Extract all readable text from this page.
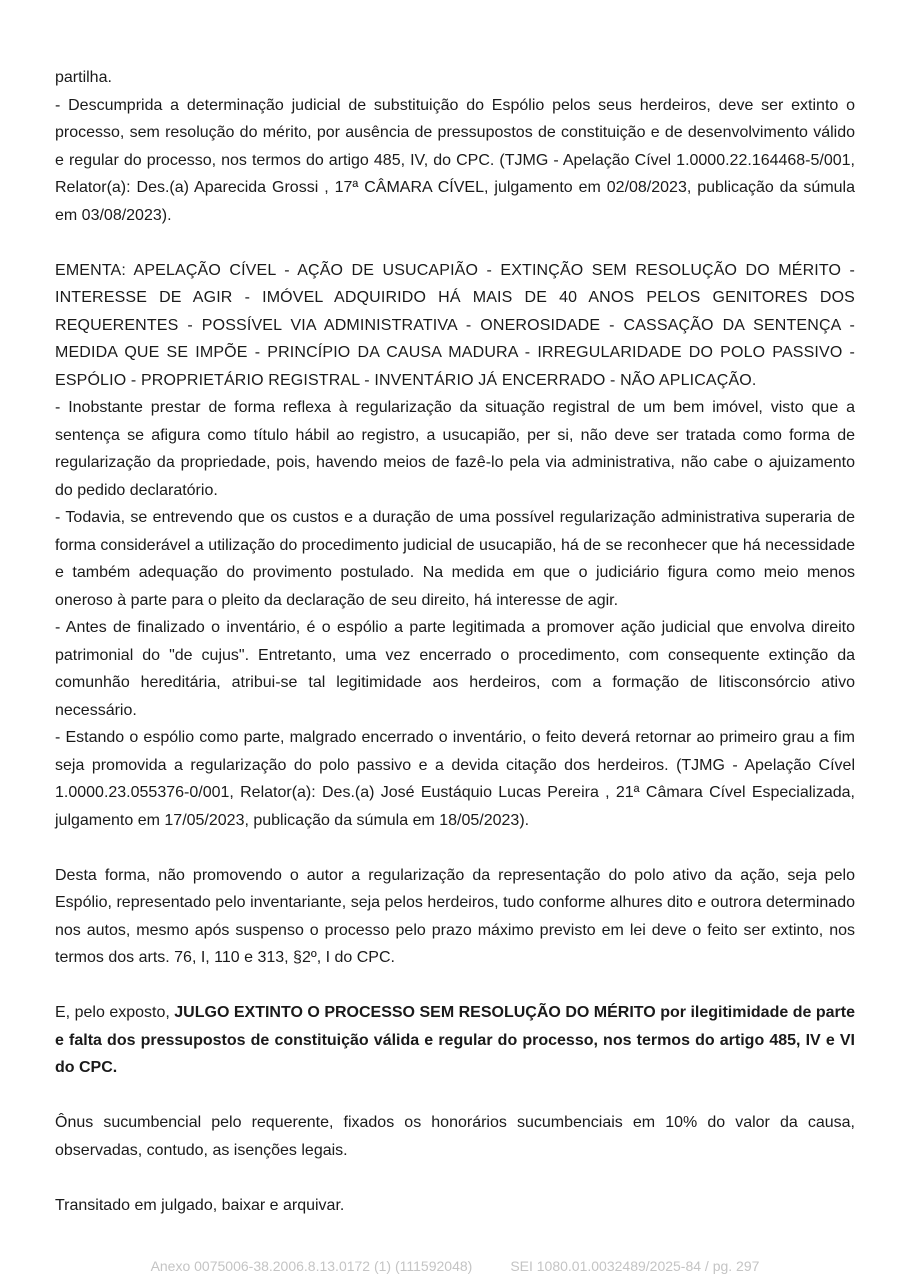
partilha.

- Descumprida a determinação judicial de substituição do Espólio pelos seus herdeiros, deve ser extinto o processo, sem resolução do mérito, por ausência de pressupostos de constituição e de desenvolvimento válido e regular do processo, nos termos do artigo 485, IV, do CPC. (TJMG - Apelação Cível 1.0000.22.164468-5/001, Relator(a): Des.(a) Aparecida Grossi , 17ª CÂMARA CÍVEL, julgamento em 02/08/2023, publicação da súmula em 03/08/2023).

EMENTA: APELAÇÃO CÍVEL - AÇÃO DE USUCAPIÃO - EXTINÇÃO SEM RESOLUÇÃO DO MÉRITO - INTERESSE DE AGIR - IMÓVEL ADQUIRIDO HÁ MAIS DE 40 ANOS PELOS GENITORES DOS REQUERENTES - POSSÍVEL VIA ADMINISTRATIVA - ONEROSIDADE - CASSAÇÃO DA SENTENÇA - MEDIDA QUE SE IMPÕE - PRINCÍPIO DA CAUSA MADURA - IRREGULARIDADE DO POLO PASSIVO - ESPÓLIO - PROPRIETÁRIO REGISTRAL - INVENTÁRIO JÁ ENCERRADO - NÃO APLICAÇÃO.

- Inobstante prestar de forma reflexa à regularização da situação registral de um bem imóvel, visto que a sentença se afigura como título hábil ao registro, a usucapião, per si, não deve ser tratada como forma de regularização da propriedade, pois, havendo meios de fazê-lo pela via administrativa, não cabe o ajuizamento do pedido declaratório.

- Todavia, se entrevendo que os custos e a duração de uma possível regularização administrativa superaria de forma considerável a utilização do procedimento judicial de usucapião, há de se reconhecer que há necessidade e também adequação do provimento postulado. Na medida em que o judiciário figura como meio menos oneroso à parte para o pleito da declaração de seu direito, há interesse de agir.

- Antes de finalizado o inventário, é o espólio a parte legitimada a promover ação judicial que envolva direito patrimonial do "de cujus". Entretanto, uma vez encerrado o procedimento, com consequente extinção da comunhão hereditária, atribui-se tal legitimidade aos herdeiros, com a formação de litisconsórcio ativo necessário.

- Estando o espólio como parte, malgrado encerrado o inventário, o feito deverá retornar ao primeiro grau a fim seja promovida a regularização do polo passivo e a devida citação dos herdeiros. (TJMG - Apelação Cível 1.0000.23.055376-0/001, Relator(a): Des.(a) José Eustáquio Lucas Pereira , 21ª Câmara Cível Especializada, julgamento em 17/05/2023, publicação da súmula em 18/05/2023).

Desta forma, não promovendo o autor a regularização da representação do polo ativo da ação, seja pelo Espólio, representado pelo inventariante, seja pelos herdeiros, tudo conforme alhures dito e outrora determinado nos autos, mesmo após suspenso o processo pelo prazo máximo previsto em lei deve o feito ser extinto, nos termos dos arts. 76, I, 110 e 313, §2º, I do CPC.

E, pelo exposto, JULGO EXTINTO O PROCESSO SEM RESOLUÇÃO DO MÉRITO por ilegitimidade de parte e falta dos pressupostos de constituição válida e regular do processo, nos termos do artigo 485, IV e VI do CPC.

Ônus sucumbencial pelo requerente, fixados os honorários sucumbenciais em 10% do valor da causa, observadas, contudo, as isenções legais.

Transitado em julgado, baixar e arquivar.

Anexo 0075006-38.2006.8.13.0172 (1) (111592048)	SEI 1080.01.0032489/2025-84 / pg. 297
